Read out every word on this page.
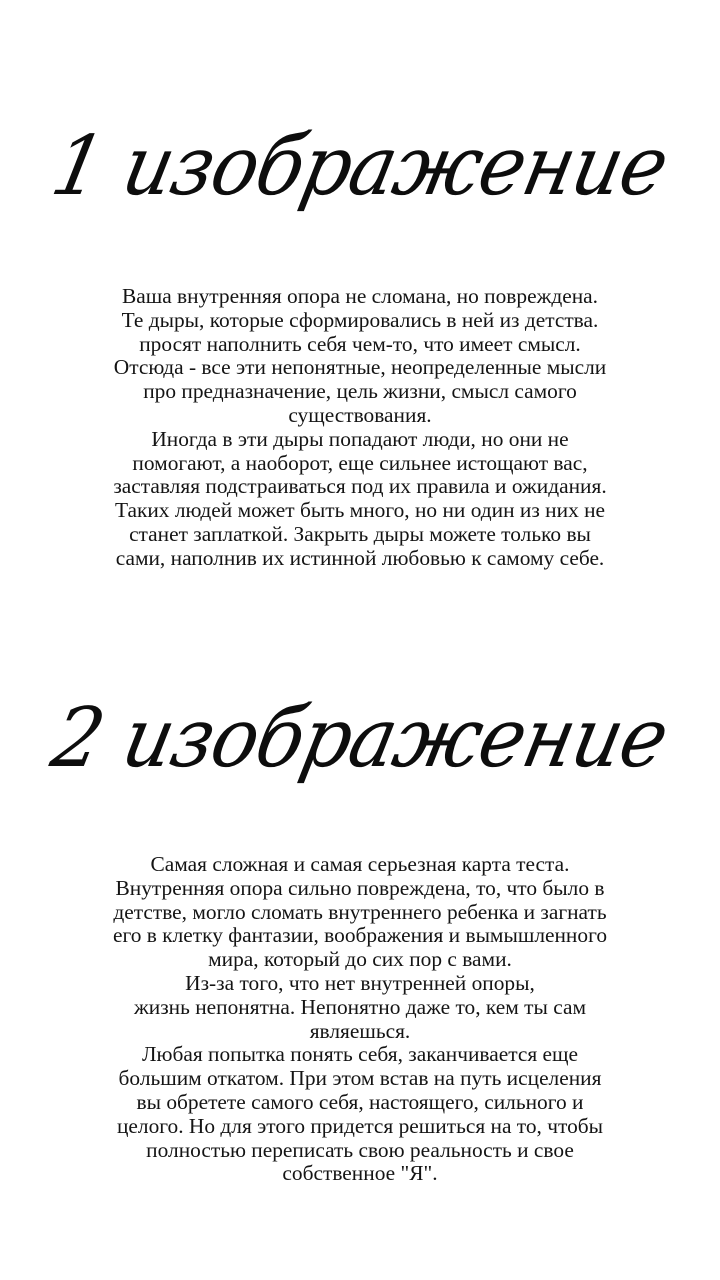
1 изображение
Ваша внутренняя опора не сломана, но повреждена.
Те дыры, которые сформировались в ней из детства.
просят наполнить себя чем-то, что имеет смысл.
Отсюда - все эти непонятные, неопределенные мысли
про предназначение, цель жизни, смысл самого
существования.
Иногда в эти дыры попадают люди, но они не
помогают, а наоборот, еще сильнее истощают вас,
заставляя подстраиваться под их правила и ожидания.
Таких людей может быть много, но ни один из них не
станет заплаткой. Закрыть дыры можете только вы
сами, наполнив их истинной любовью к самому себе.
2 изображение
Самая сложная и самая серьезная карта теста.
Внутренняя опора сильно повреждена, то, что было в
детстве, могло сломать внутреннего ребенка и загнать
его в клетку фантазии, воображения и вымышленного
мира, который до сих пор с вами.
Из-за того, что нет внутренней опоры,
жизнь непонятна. Непонятно даже то, кем ты сам
являешься.
Любая попытка понять себя, заканчивается еще
большим откатом. При этом встав на путь исцеления
вы обретете самого себя, настоящего, сильного и
целого. Но для этого придется решиться на то, чтобы
полностью переписать свою реальность и свое
собственное "Я".
